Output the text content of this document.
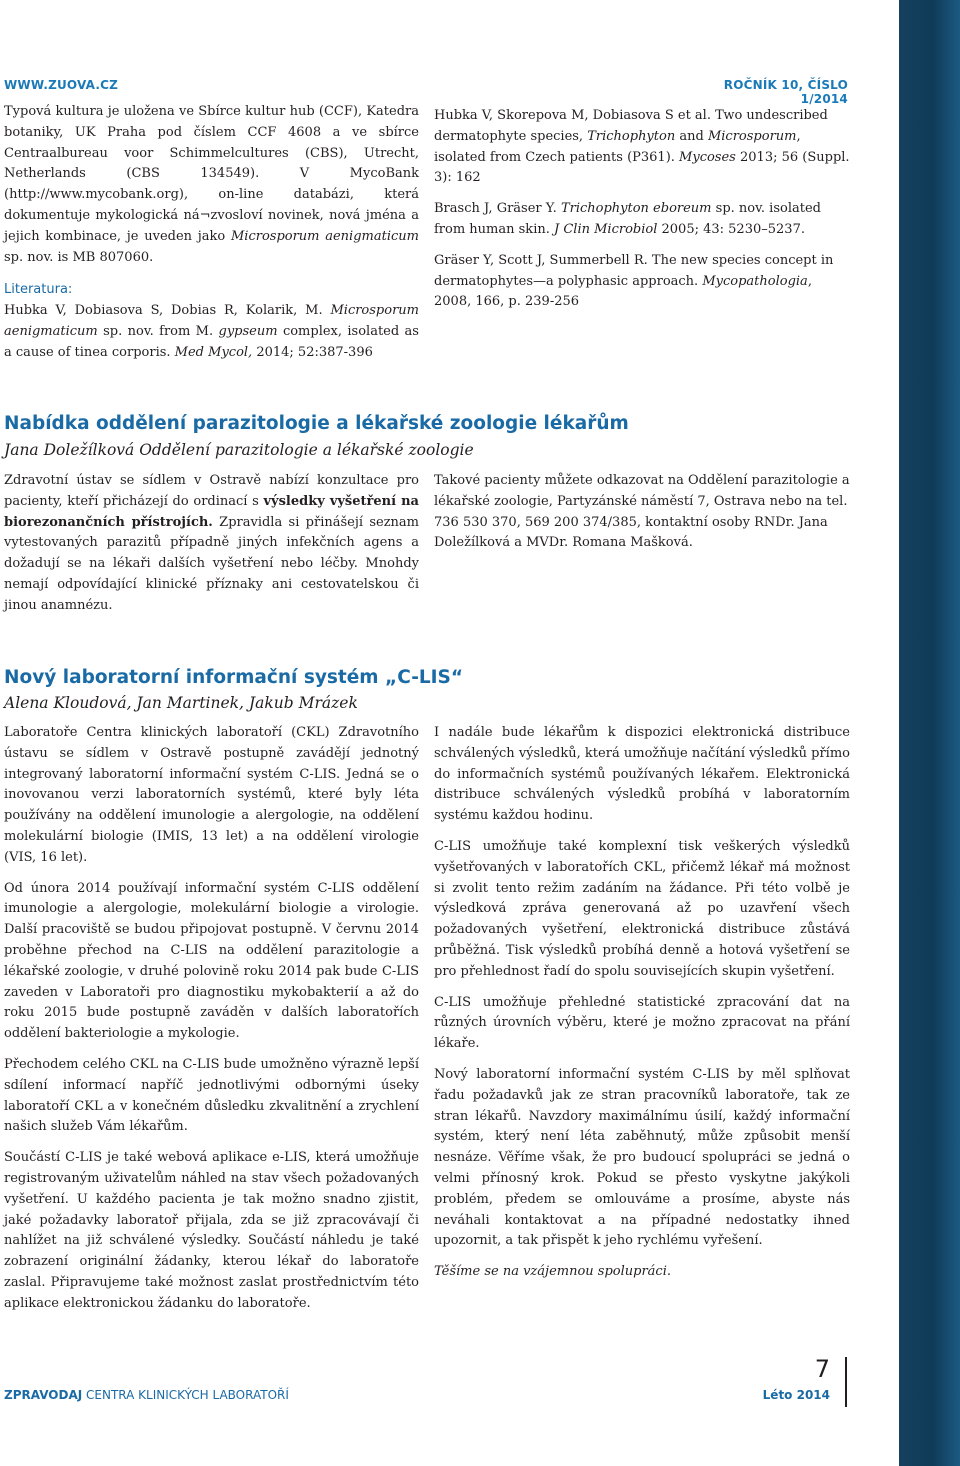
WWW.ZUOVA.CZ	ROČNÍK 10, ČÍSLO 1/2014

Typová kultura je uložena ve Sbírce kultur hub (CCF), Katedra botaniky, UK Praha pod číslem CCF 4608 a ve sbírce Centraalbureau voor Schimmelcultures (CBS), Utrecht, Netherlands (CBS 134549). V MycoBank (http://www.mycobank.org), on-line databázi, která dokumentuje mykologická ná¬zvosloví novinek, nová jména a jejich kombinace, je uveden jako Microsporum aenigmaticum sp. nov. is MB 807060.

Literatura:

Hubka V, Dobiasova S, Dobias R, Kolarik, M. Microsporum aenigmaticum sp. nov. from M. gypseum complex, isolated as a cause of tinea corporis. Med Mycol, 2014; 52:387-396

Hubka V, Skorepova M, Dobiasova S et al. Two undescribed dermatophyte species, Trichophyton and Microsporum, isolated from Czech patients (P361). Mycoses 2013; 56 (Suppl. 3): 162

Brasch J, Gräser Y. Trichophyton eboreum sp. nov. isolated from human skin. J Clin Microbiol 2005; 43: 5230–5237.

Gräser Y, Scott J, Summerbell R. The new species concept in dermatophytes—a polyphasic approach. Mycopathologia, 2008, 166, p. 239-256

Nabídka oddělení parazitologie a lékařské zoologie lékařům
Jana Doležílková Oddělení parazitologie a lékařské zoologie

Zdravotní ústav se sídlem v Ostravě nabízí konzultace pro pacienty, kteří přicházejí do ordinací s výsledky vyšetření na biorezonančních přístrojích. Zpravidla si přinášejí seznam vytestovaných parazitů případně jiných infekčních agens a dožadují se na lékaři dalších vyšetření nebo léčby. Mnohdy nemají odpovídající klinické příznaky ani cestovatelskou či jinou anamnézu.

Takové pacienty můžete odkazovat na Oddělení parazitologie a lékařské zoologie, Partyzánské náměstí 7, Ostrava nebo na tel. 736 530 370, 569 200 374/385, kontaktní osoby RNDr. Jana Doležílková a MVDr. Romana Mašková.

Nový laboratorní informační systém „C-LIS“
Alena Kloudová, Jan Martinek, Jakub Mrázek

Laboratoře Centra klinických laboratoří (CKL) Zdravotního ústavu se sídlem v Ostravě postupně zavádějí jednotný integrovaný laboratorní informační systém C-LIS. Jedná se o inovovanou verzi laboratorních systémů, které byly léta používány na oddělení imunologie a alergologie, na oddělení molekulární biologie (IMIS, 13 let) a na oddělení virologie (VIS, 16 let).

Od února 2014 používají informační systém C-LIS oddělení imunologie a alergologie, molekulární biologie a virologie. Další pracoviště se budou připojovat postupně. V červnu 2014 proběhne přechod na C-LIS na oddělení parazitologie a lékařské zoologie, v druhé polovině roku 2014 pak bude C-LIS zaveden v Laboratoři pro diagnostiku mykobakterií a až do roku 2015 bude postupně zaváděn v dalších laboratořích oddělení bakteriologie a mykologie.

Přechodem celého CKL na C-LIS bude umožněno výrazně lepší sdílení informací napříč jednotlivými odbornými úseky laboratoří CKL a v konečném důsledku zkvalitnění a zrychlení našich služeb Vám lékařům.

Součástí C-LIS je také webová aplikace e-LIS, která umožňuje registrovaným uživatelům náhled na stav všech požadovaných vyšetření. U každého pacienta je tak možno snadno zjistit, jaké požadavky laboratoř přijala, zda se již zpracovávají či nahlížet na již schválené výsledky. Součástí náhledu je také zobrazení originální žádanky, kterou lékař do laboratoře zaslal. Připravujeme také možnost zaslat prostřednictvím této aplikace elektronickou žádanku do laboratoře.

I nadále bude lékařům k dispozici elektronická distribuce schválených výsledků, která umožňuje načítání výsledků přímo do informačních systémů používaných lékařem. Elektronická distribuce schválených výsledků probíhá v laboratorním systému každou hodinu.

C-LIS umožňuje také komplexní tisk veškerých výsledků vyšetřovaných v laboratořích CKL, přičemž lékař má možnost si zvolit tento režim zadáním na žádance. Při této volbě je výsledková zpráva generovaná až po uzavření všech požadovaných vyšetření, elektronická distribuce zůstává průběžná. Tisk výsledků probíhá denně a hotová vyšetření se pro přehlednost řadí do spolu souvisejících skupin vyšetření.

C-LIS umožňuje přehledné statistické zpracování dat na různých úrovních výběru, které je možno zpracovat na přání lékaře.

Nový laboratorní informační systém C-LIS by měl splňovat řadu požadavků jak ze stran pracovníků laboratoře, tak ze stran lékařů. Navzdory maximálnímu úsilí, každý informační systém, který není léta zaběhnutý, může způsobit menší nesnáze. Věříme však, že pro budoucí spolupráci se jedná o velmi přínosný krok. Pokud se přesto vyskytne jakýkoli problém, předem se omlouváme a prosíme, abyste nás neváhali kontaktovat a na případné nedostatky ihned upozornit, a tak přispět k jeho rychlému vyřešení.

Těšíme se na vzájemnou spolupráci.

7
ZPRAVODAJ CENTRA KLINICKÝCH LABORATOŘÍ	Léto 2014
